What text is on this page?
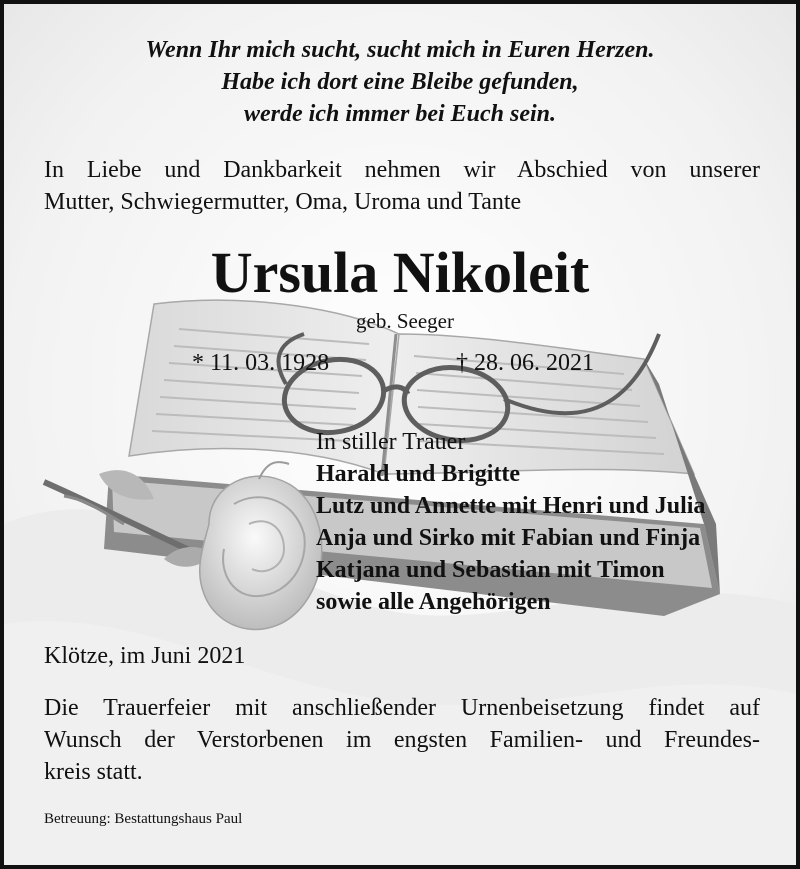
Wenn Ihr mich sucht, sucht mich in Euren Herzen.
Habe ich dort eine Bleibe gefunden,
werde ich immer bei Euch sein.
In Liebe und Dankbarkeit nehmen wir Abschied von unserer
Mutter, Schwiegermutter, Oma, Uroma und Tante
Ursula Nikoleit
geb. Seeger
* 11. 03. 1928	† 28. 06. 2021
In stiller Trauer
Harald und Brigitte
Lutz und Annette mit Henri und Julia
Anja und Sirko mit Fabian und Finja
Katjana und Sebastian mit Timon
sowie alle Angehörigen
Klötze, im Juni 2021
Die Trauerfeier mit anschließender Urnenbeisetzung findet auf
Wunsch der Verstorbenen im engsten Familien- und Freundes-
kreis statt.
Betreuung: Bestattungshaus Paul
